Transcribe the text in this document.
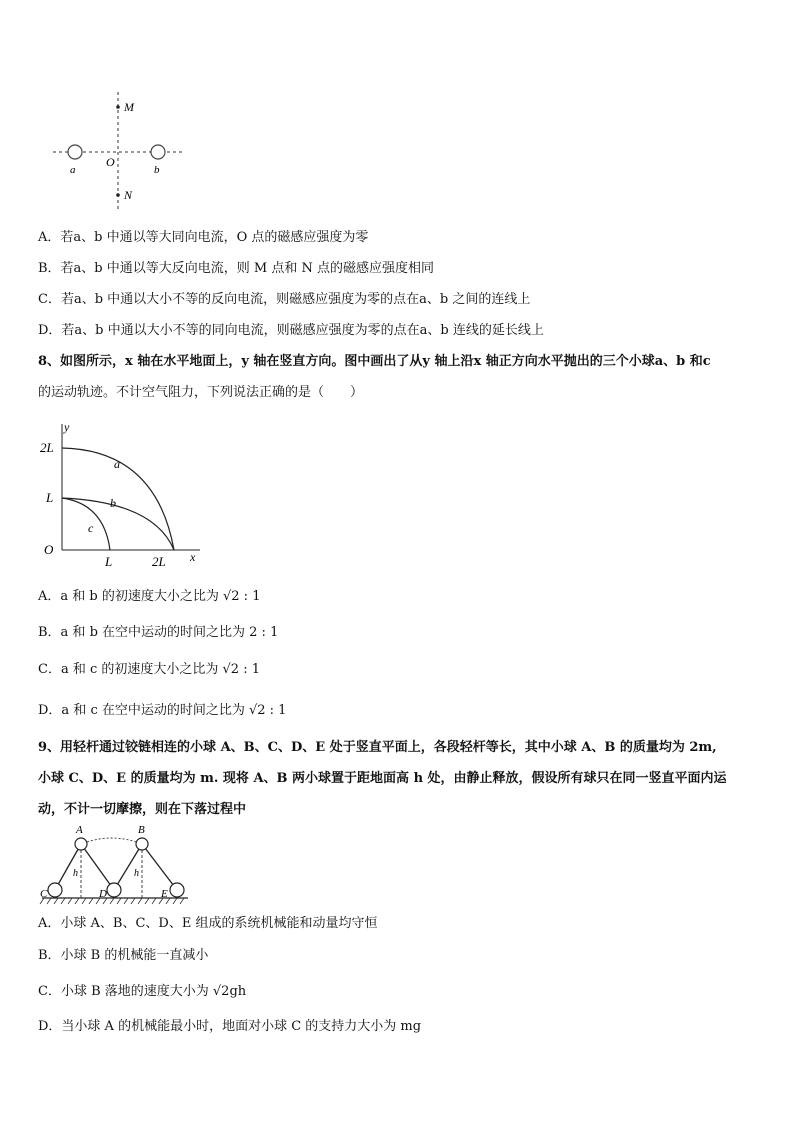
M
N
O
a	b
A．若a、b 中通以等大同向电流，O 点的磁感应强度为零
B．若a、b 中通以等大反向电流，则 M 点和 N 点的磁感应强度相同
C．若a、b 中通以大小不等的反向电流，则磁感应强度为零的点在a、b 之间的连线上
D．若a、b 中通以大小不等的同向电流，则磁感应强度为零的点在a、b 连线的延长线上
8、如图所示，x 轴在水平地面上，y 轴在竖直方向。图中画出了从y 轴上沿x 轴正方向水平抛出的三个小球a、b 和c
的运动轨迹。不计空气阻力，下列说法正确的是（　　）
y
x
O
2L
L
L	2L
a
b
c
A．a 和 b 的初速度大小之比为 √2 : 1
B．a 和 b 在空中运动的时间之比为 2 : 1
C．a 和 c 的初速度大小之比为 √2 : 1
D．a 和 c 在空中运动的时间之比为 √2 : 1
9、用轻杆通过铰链相连的小球 A、B、C、D、E 处于竖直平面上，各段轻杆等长，其中小球 A、B 的质量均为 2m,
小球 C、D、E 的质量均为 m. 现将 A、B 两小球置于距地面高 h 处，由静止释放，假设所有球只在同一竖直平面内运
动，不计一切摩擦，则在下落过程中
A	B
C	D	E
h	h
A．小球 A、B、C、D、E 组成的系统机械能和动量均守恒
B．小球 B 的机械能一直减小
C．小球 B 落地的速度大小为 √2gh
D．当小球 A 的机械能最小时，地面对小球 C 的支持力大小为 mg
